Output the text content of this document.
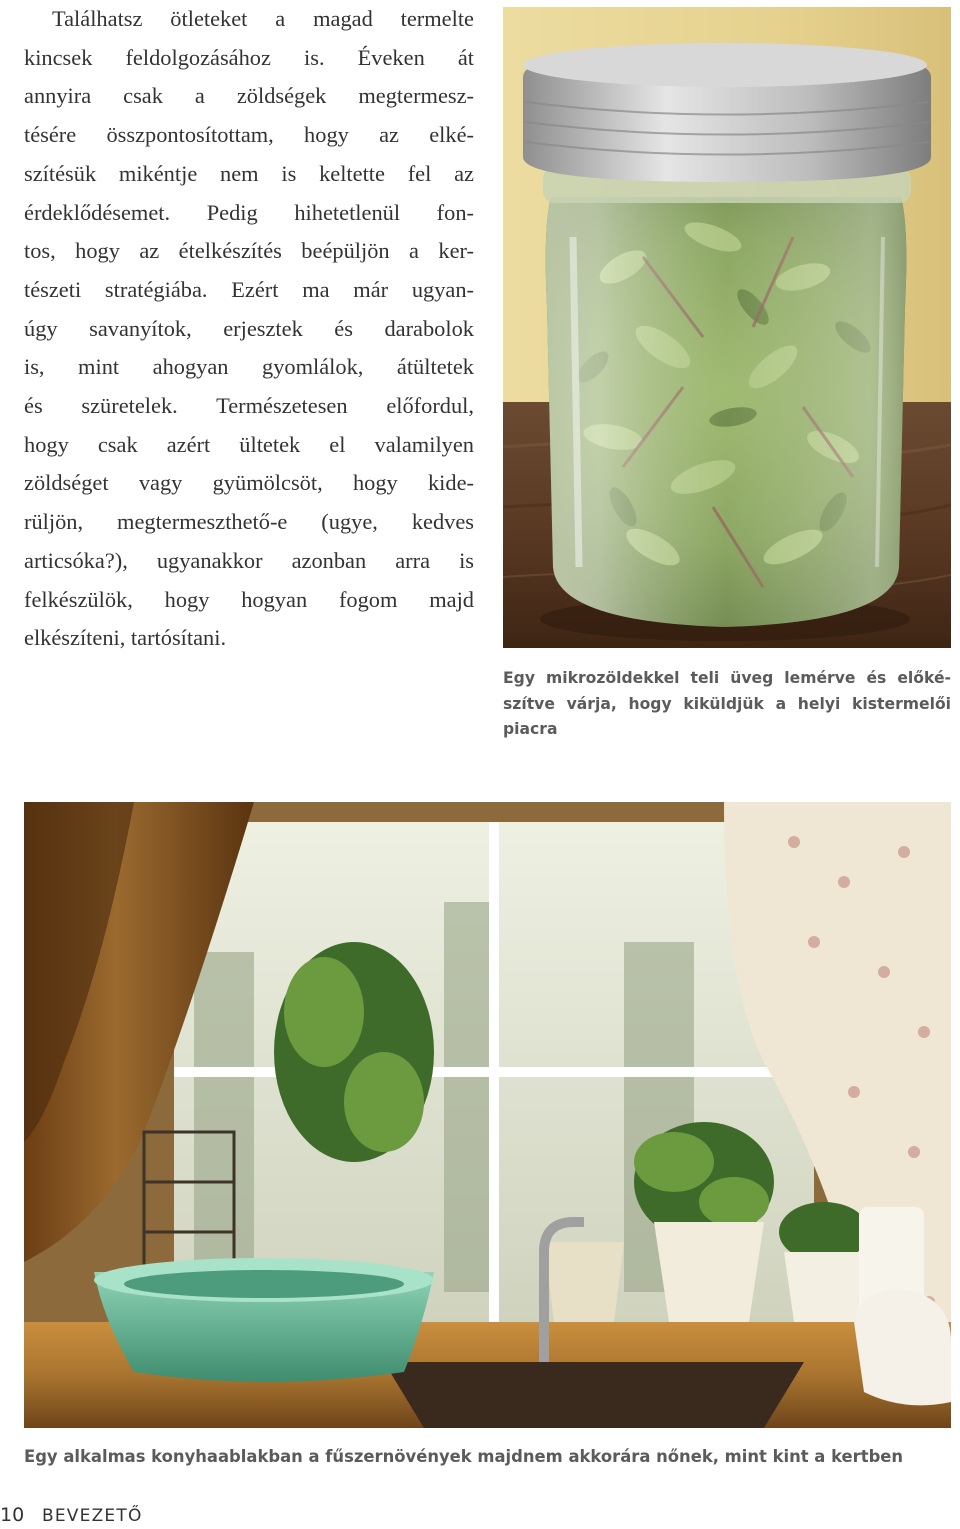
Találhatsz ötleteket a magad termelte
kincsek feldolgozásához is. Éveken át
annyira csak a zöldségek megtermesz-
tésére összpontosítottam, hogy az elké-
szítésük mikéntje nem is keltette fel az
érdeklődésemet. Pedig hihetetlenül fon-
tos, hogy az ételkészítés beépüljön a ker-
tészeti stratégiába. Ezért ma már ugyan-
úgy savanyítok, erjesztek és darabolok
is, mint ahogyan gyomlálok, átültetek
és szüretelek. Természetesen előfordul,
hogy csak azért ültetek el valamilyen
zöldséget vagy gyümölcsöt, hogy kide-
rüljön, megtermeszthető-e (ugye, kedves
articsóka?), ugyanakkor azonban arra is
felkészülök, hogy hogyan fogom majd
elkészíteni, tartósítani.
Egy mikrozöldekkel teli üveg lemérve és előké-
szítve várja, hogy kiküldjük a helyi kistermelői
piacra
Egy alkalmas konyhaablakban a fűszernövények majdnem akkorára nőnek, mint kint a kertben
10 BEVEZETŐ
